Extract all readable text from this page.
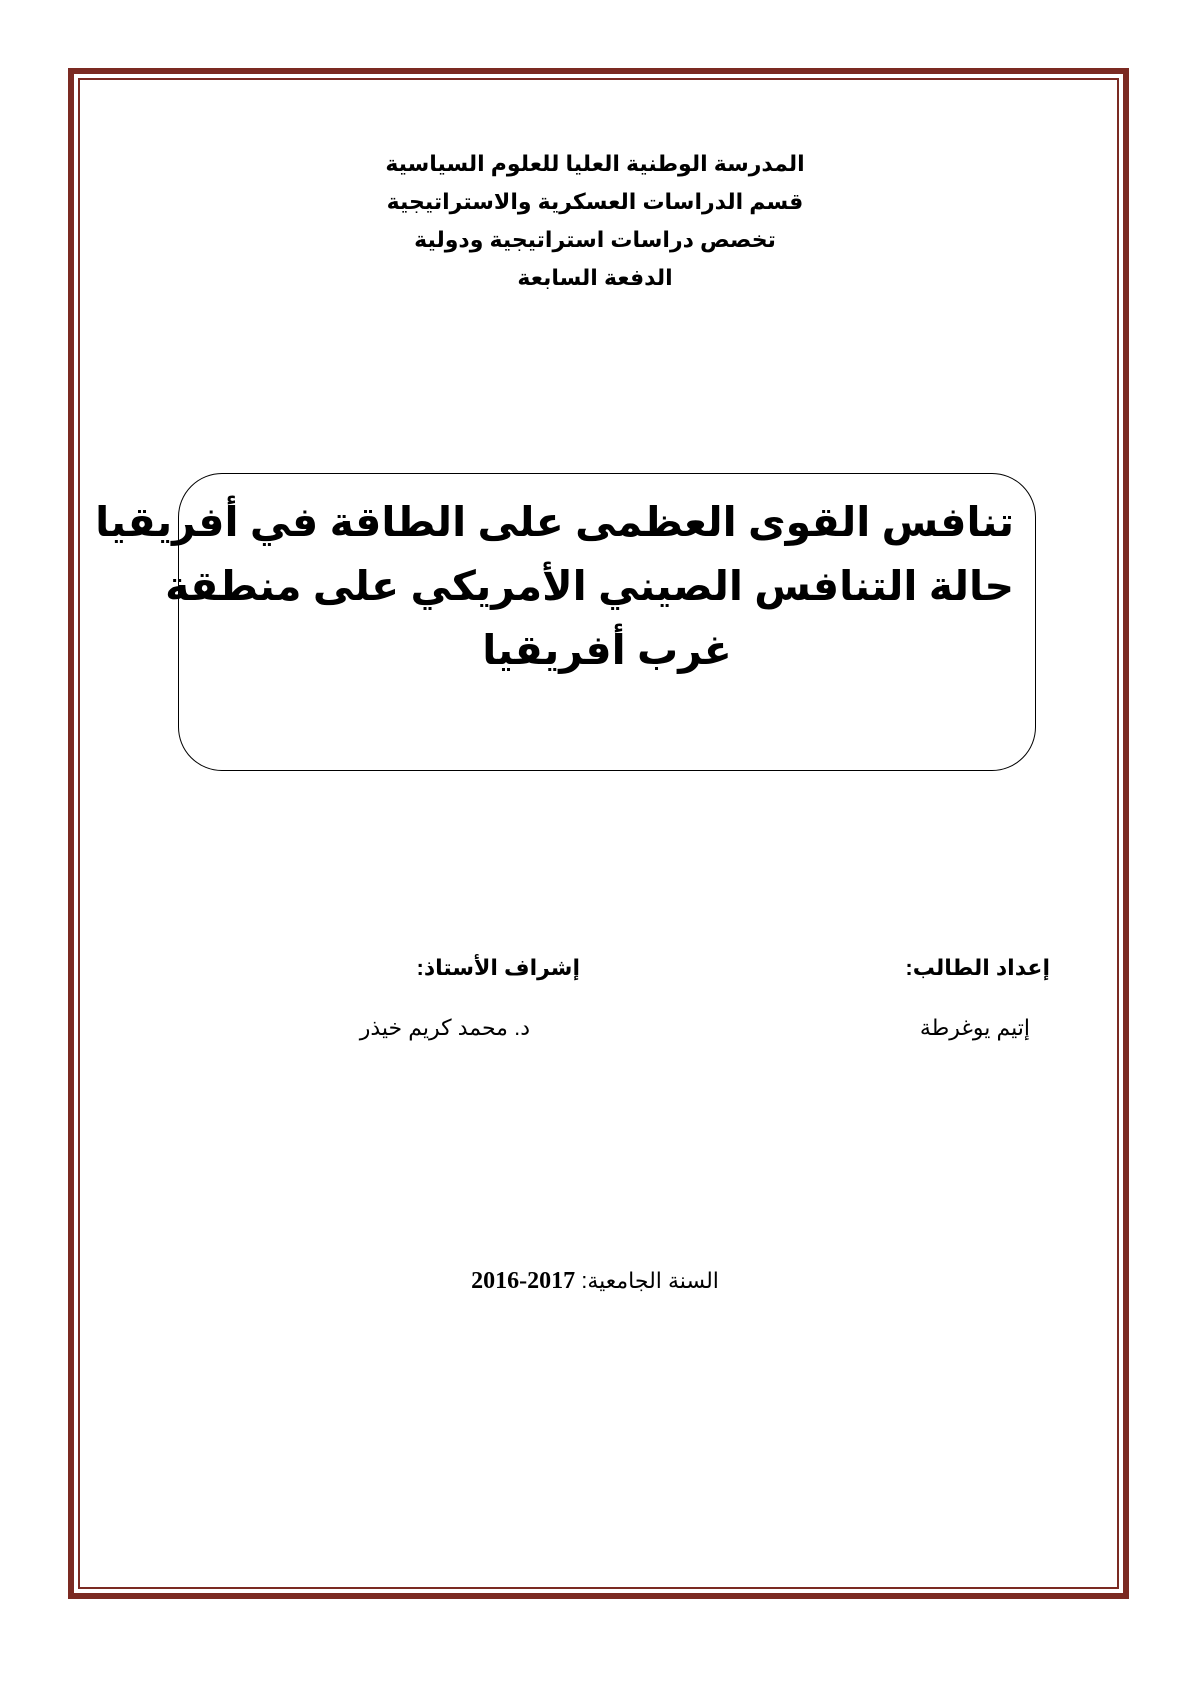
المدرسة الوطنية العليا للعلوم السياسية
قسم الدراسات العسكرية والاستراتيجية
تخصص دراسات استراتيجية ودولية
الدفعة السابعة
تنافس القوى العظمى على الطاقة في أفريقيا
حالة التنافس الصيني الأمريكي على منطقة
غرب أفريقيا
إعداد الطالب:
إشراف الأستاذ:
إتيم يوغرطة
د. محمد كريم خيذر
السنة الجامعية: 2016-2017
